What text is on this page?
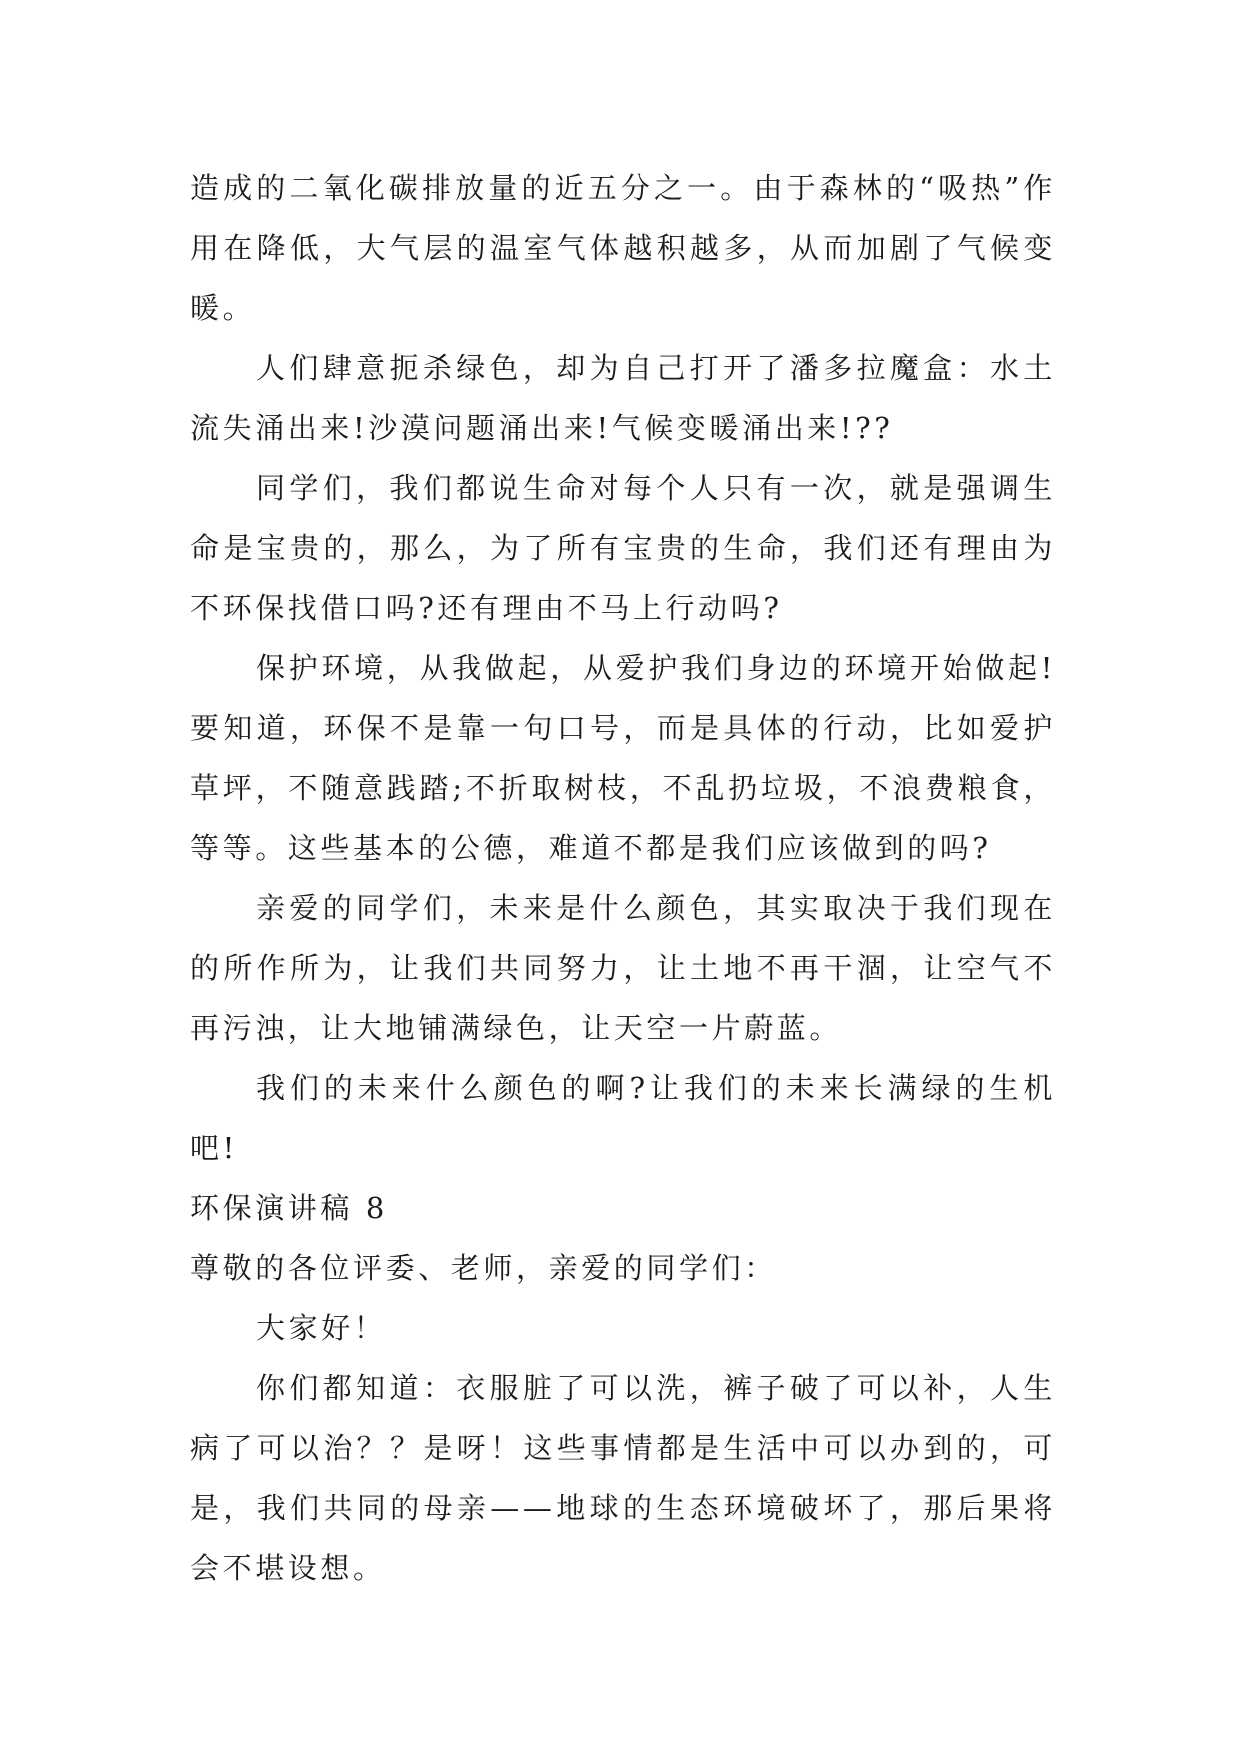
造成的二氧化碳排放量的近五分之一。由于森林的“吸热”作用在降低，大气层的温室气体越积越多，从而加剧了气候变暖。

人们肆意扼杀绿色，却为自己打开了潘多拉魔盒：水土流失涌出来!沙漠问题涌出来!气候变暖涌出来!??

同学们，我们都说生命对每个人只有一次，就是强调生命是宝贵的，那么，为了所有宝贵的生命，我们还有理由为不环保找借口吗?还有理由不马上行动吗?

保护环境，从我做起，从爱护我们身边的环境开始做起!要知道，环保不是靠一句口号，而是具体的行动，比如爱护草坪，不随意践踏;不折取树枝，不乱扔垃圾，不浪费粮食，等等。这些基本的公德，难道不都是我们应该做到的吗?

亲爱的同学们，未来是什么颜色，其实取决于我们现在的所作所为，让我们共同努力，让土地不再干涸，让空气不再污浊，让大地铺满绿色，让天空一片蔚蓝。

我们的未来什么颜色的啊?让我们的未来长满绿的生机吧!

环保演讲稿 8

尊敬的各位评委、老师，亲爱的同学们：

大家好！

你们都知道：衣服脏了可以洗，裤子破了可以补，人生病了可以治？？是呀！这些事情都是生活中可以办到的，可是，我们共同的母亲——地球的生态环境破坏了，那后果将会不堪设想。
